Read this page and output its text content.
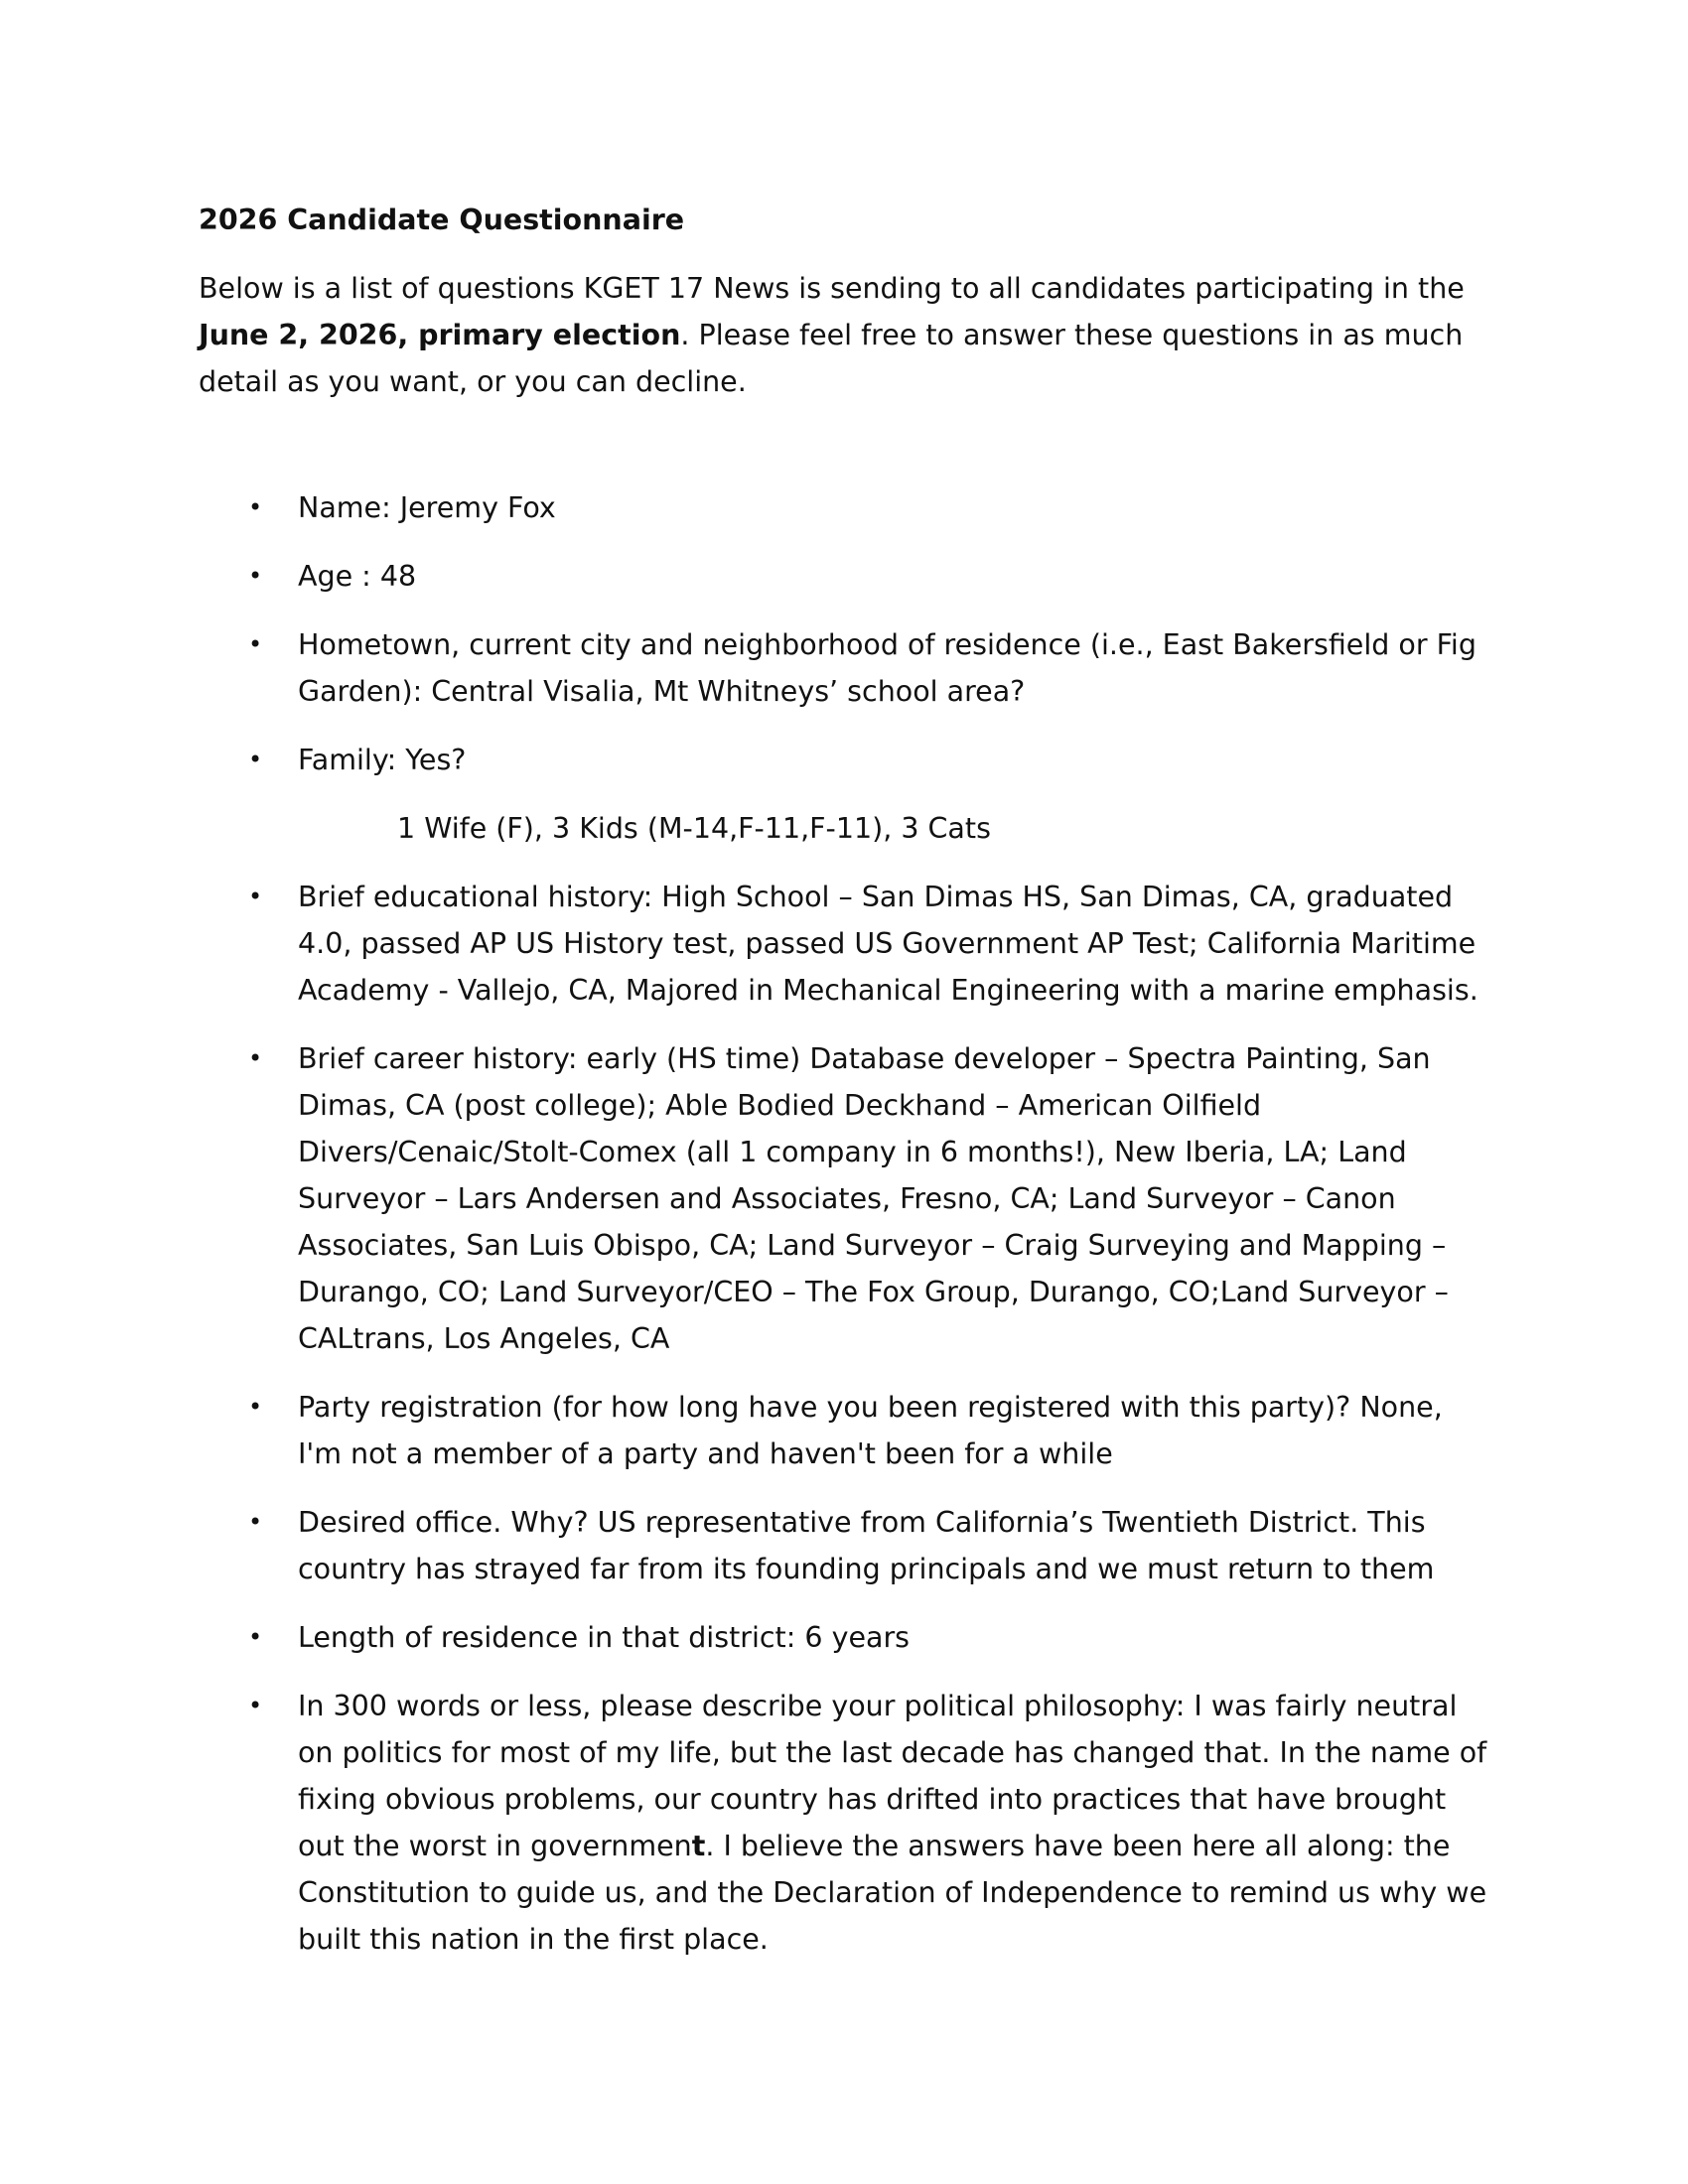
2026 Candidate Questionnaire
Below is a list of questions KGET 17 News is sending to all candidates participating in the June 2, 2026, primary election. Please feel free to answer these questions in as much detail as you want, or you can decline.
• Name: Jeremy Fox
• Age : 48
• Hometown, current city and neighborhood of residence (i.e., East Bakersfield or Fig Garden): Central Visalia, Mt Whitneys’ school area?
• Family: Yes?
1 Wife (F), 3 Kids (M-14,F-11,F-11), 3 Cats
• Brief educational history: High School – San Dimas HS, San Dimas, CA, graduated 4.0, passed AP US History test, passed US Government AP Test; California Maritime Academy - Vallejo, CA, Majored in Mechanical Engineering with a marine emphasis.
• Brief career history: early (HS time) Database developer – Spectra Painting, San Dimas, CA (post college); Able Bodied Deckhand – American Oilfield Divers/Cenaic/Stolt-Comex (all 1 company in 6 months!), New Iberia, LA; Land Surveyor – Lars Andersen and Associates, Fresno, CA; Land Surveyor – Canon Associates, San Luis Obispo, CA; Land Surveyor – Craig Surveying and Mapping – Durango, CO; Land Surveyor/CEO – The Fox Group, Durango, CO;Land Surveyor – CALtrans, Los Angeles, CA
• Party registration (for how long have you been registered with this party)? None, I'm not a member of a party and haven't been for a while
• Desired office. Why? US representative from California’s Twentieth District. This country has strayed far from its founding principals and we must return to them
• Length of residence in that district: 6 years
• In 300 words or less, please describe your political philosophy: I was fairly neutral on politics for most of my life, but the last decade has changed that. In the name of fixing obvious problems, our country has drifted into practices that have brought out the worst in government. I believe the answers have been here all along: the Constitution to guide us, and the Declaration of Independence to remind us why we built this nation in the first place.
